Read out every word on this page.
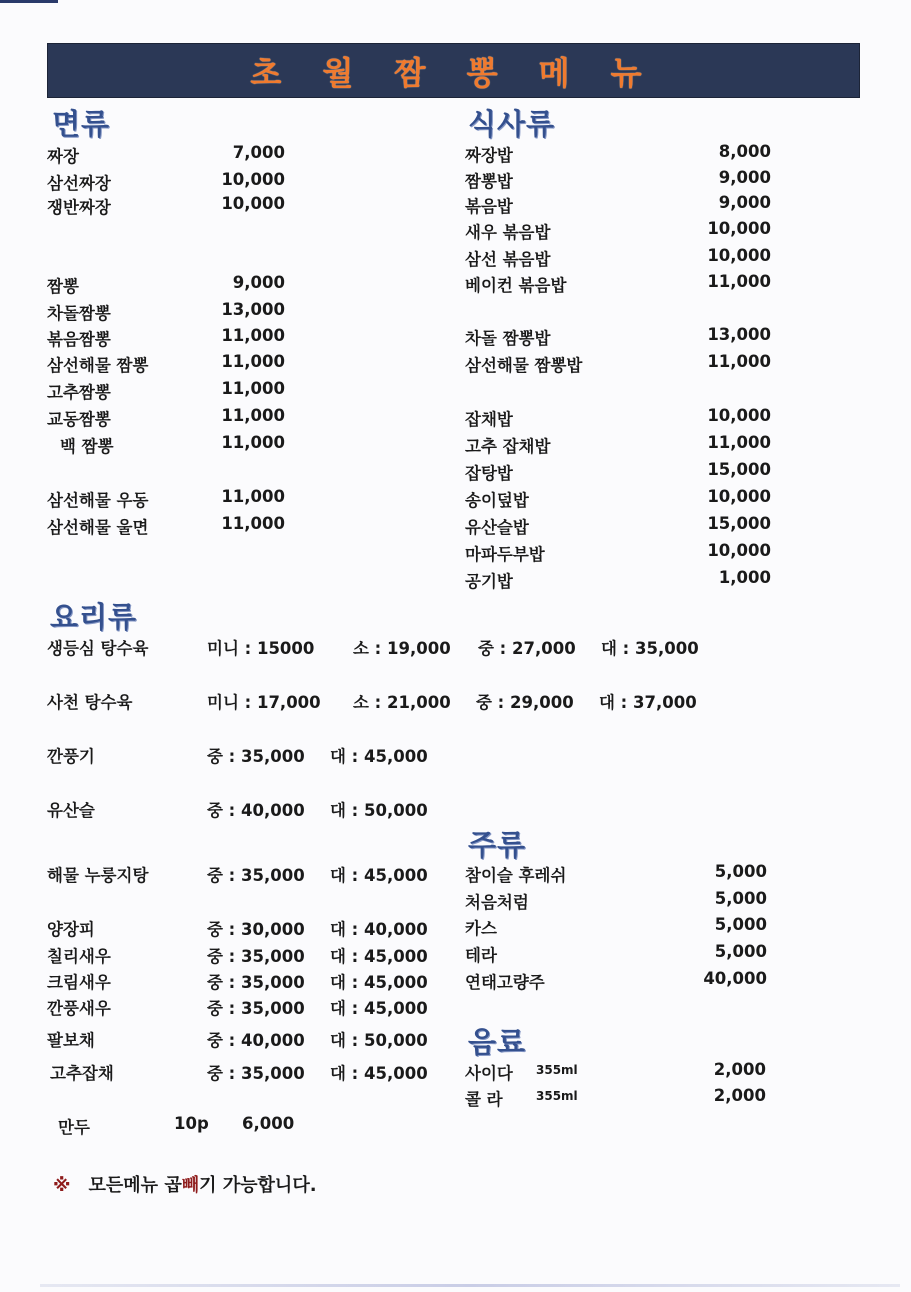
초 월 짬 뽕 메 뉴
면류
짜장	7,000
삼선짜장	10,000
쟁반짜장	10,000
짬뽕	9,000
차돌짬뽕	13,000
볶음짬뽕	11,000
삼선해물 짬뽕	11,000
고추짬뽕	11,000
교동짬뽕	11,000
백 짬뽕	11,000
삼선해물 우동	11,000
삼선해물 울면	11,000
식사류
짜장밥	8,000
짬뽕밥	9,000
볶음밥	9,000
새우 볶음밥	10,000
삼선 볶음밥	10,000
베이컨 볶음밥	11,000
차돌 짬뽕밥	13,000
삼선해물 짬뽕밥	11,000
잡채밥	10,000
고추 잡채밥	11,000
잡탕밥	15,000
송이덮밥	10,000
유산슬밥	15,000
마파두부밥	10,000
공기밥	1,000
요리류
생등심 탕수육	미니 : 15000 소 : 19,000 중 : 27,000 대 : 35,000
사천 탕수육	미니 : 17,000 소 : 21,000 중 : 29,000 대 : 37,000
깐풍기	중 : 35,000 대 : 45,000
유산슬	중 : 40,000 대 : 50,000
해물 누룽지탕	중 : 35,000 대 : 45,000
양장피	중 : 30,000 대 : 40,000
칠리새우	중 : 35,000 대 : 45,000
크림새우	중 : 35,000 대 : 45,000
깐풍새우	중 : 35,000 대 : 45,000
팔보채	중 : 40,000 대 : 50,000
고추잡채	중 : 35,000 대 : 45,000
만두	10p 6,000
주류
참이슬 후레쉬	5,000
처음처럼	5,000
카스	5,000
테라	5,000
연태고량주	40,000
음료
사이다 355ml	2,000
콜 라	355ml	2,000
※ 모든메뉴 곱빼기 가능합니다.
